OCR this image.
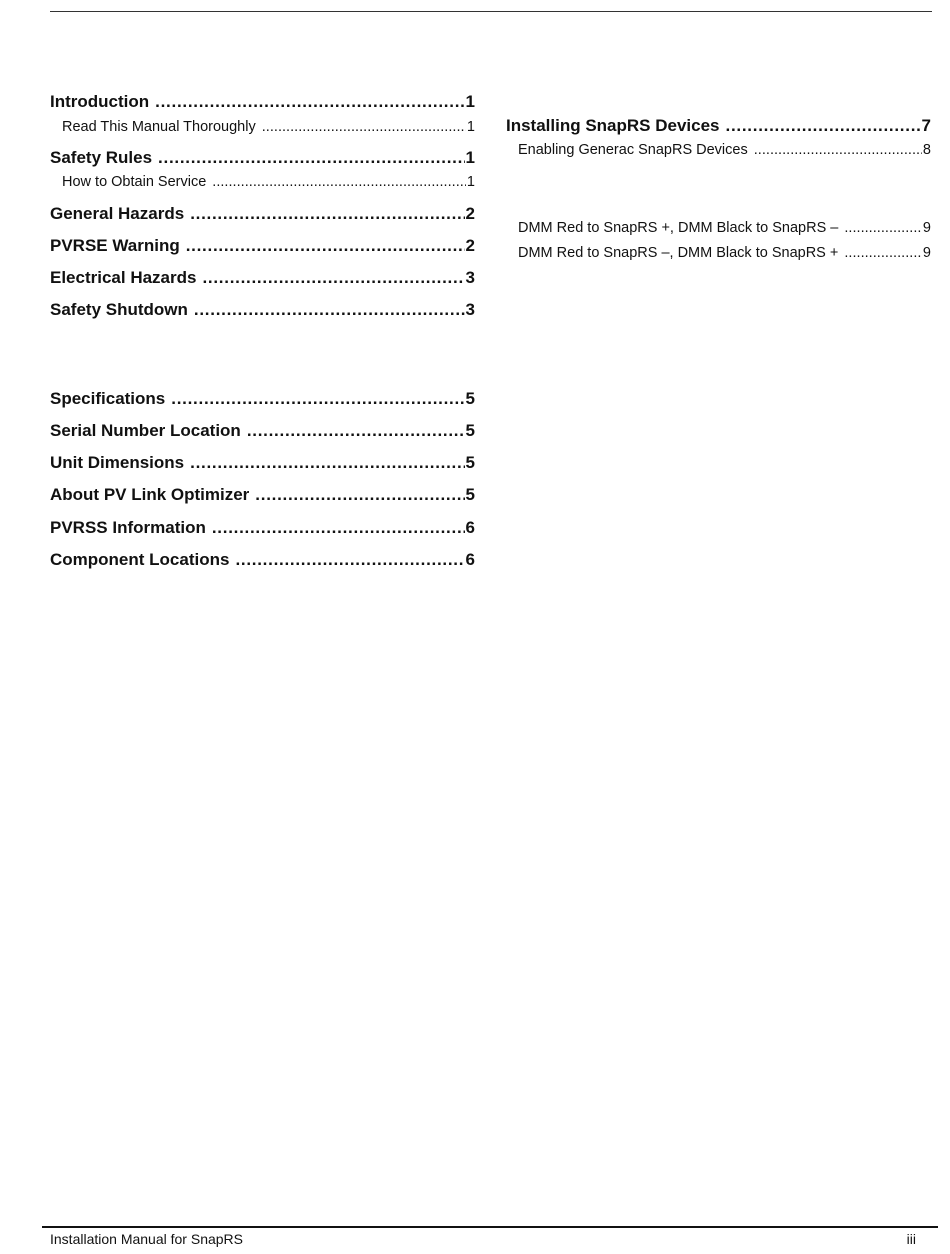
Introduction . . .	1
Read This Manual Thoroughly . . .	1
Safety Rules . . .	1
How to Obtain Service . . .	1
General Hazards . . .	2
PVRSE Warning . . .	2
Electrical Hazards . . .	3
Safety Shutdown . . .	3
Specifications . . .	5
Serial Number Location . . .	5
Unit Dimensions . . .	5
About PV Link Optimizer . . .	5
PVRSS Information . . .	6
Component Locations . . .	6
Installing SnapRS Devices . . .	7
Enabling Generac SnapRS Devices . . .	8
DMM Red to SnapRS +, DMM Black to SnapRS – . . .	9
DMM Red to SnapRS –, DMM Black to SnapRS + . . .	9
Installation Manual for SnapRS	iii
